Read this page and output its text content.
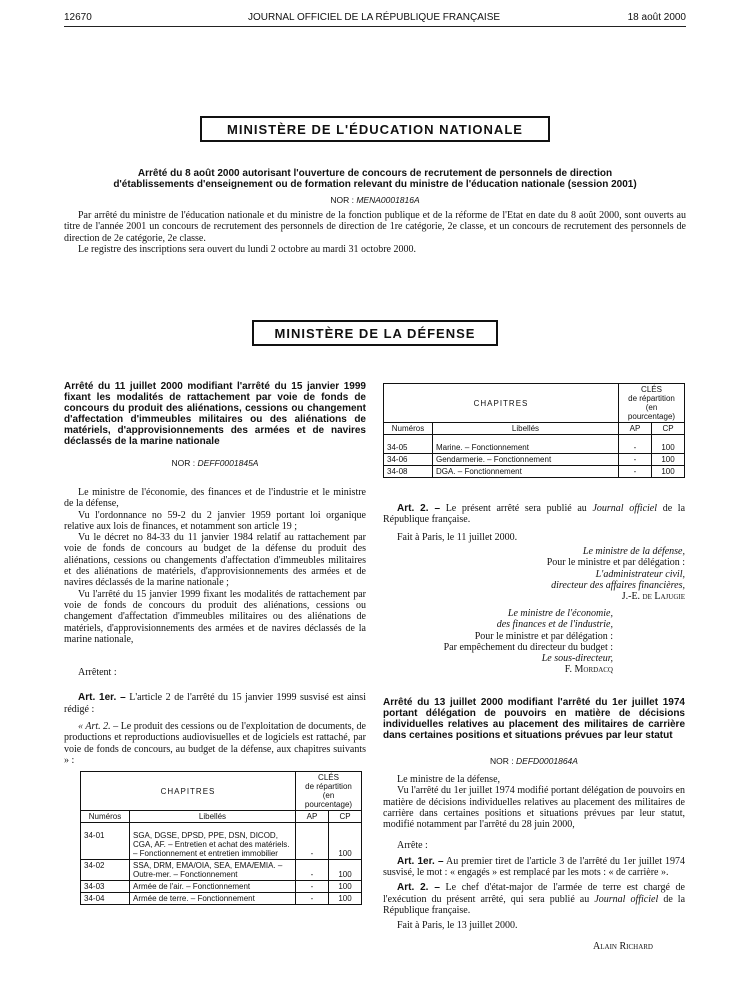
12670	JOURNAL OFFICIEL DE LA RÉPUBLIQUE FRANÇAISE	18 août 2000
MINISTÈRE DE L'ÉDUCATION NATIONALE
Arrêté du 8 août 2000 autorisant l'ouverture de concours de recrutement de personnels de direction
d'établissements d'enseignement ou de formation relevant du ministre de l'éducation nationale (session 2001)
NOR : MENA0001816A

Par arrêté du ministre de l'éducation nationale et du ministre de la fonction publique et de la réforme de l'Etat en date du 8 août 2000, sont ouverts au titre de l'année 2001 un concours de recrutement des personnels de direction de 1re catégorie, 2e classe, et un concours de recrutement des personnels de direction de 2e catégorie, 2e classe.

Le registre des inscriptions sera ouvert du lundi 2 octobre au mardi 31 octobre 2000.

MINISTÈRE DE LA DÉFENSE
Arrêté du 11 juillet 2000 modifiant l'arrêté du 15 janvier 1999 fixant les modalités de rattachement par voie de fonds de concours du produit des aliénations, cessions ou changement d'affectation d'immeubles militaires ou des aliénations de matériels, d'approvisionnements des armées et de navires déclassés de la marine nationale
NOR : DEFF0001845A

Le ministre de l'économie, des finances et de l'industrie et le ministre de la défense,

Vu l'ordonnance no 59-2 du 2 janvier 1959 portant loi organique relative aux lois de finances, et notamment son article 19 ;

Vu le décret no 84-33 du 11 janvier 1984 relatif au rattachement par voie de fonds de concours au budget de la défense du produit des aliénations, cessions ou changements d'affectation d'immeubles militaires et des aliénations de matériels, d'approvisionnements des armées et de navires déclassés de la marine nationale ;

Vu l'arrêté du 15 janvier 1999 fixant les modalités de rattachement par voie de fonds de concours du produit des aliénations, cessions ou changement d'affectation d'immeubles militaires ou des aliénations de matériels, d'approvisionnements des armées et de navires déclassés de la marine nationale,

Arrêtent :

Art. 1er. – L'article 2 de l'arrêté du 15 janvier 1999 susvisé est ainsi rédigé :

« Art. 2. – Le produit des cessions ou de l'exploitation de documents, de productions et reproductions audiovisuelles et de logiciels est rattaché, par voie de fonds de concours, au budget de la défense, aux chapitres suivants » :

CHAPITRES		CLÉS
de répartition
(en pourcentage)	

Numéros	Libellés	AP	CP
34-01	SGA, DGSE, DPSD, PPE, DSN, DICOD, CGA, AF. – Entretien et achat des matériels. – Fonctionnement et entretien immobilier	-	100
34-02	SSA, DRM, EMA/OIA, SEA, EMA/EMIA. – Outre-mer. – Fonctionnement	-	100
34-03	Armée de l'air. – Fonctionnement	-	100
34-04	Armée de terre. – Fonctionnement	-	100
CHAPITRES		CLÉS
de répartition
(en pourcentage)	

Numéros	Libellés	AP	CP
34-05	Marine. – Fonctionnement	-	100
34-06	Gendarmerie. – Fonctionnement	-	100
34-08	DGA. – Fonctionnement	-	100

Art. 2. – Le présent arrêté sera publié au Journal officiel de la République française.

Fait à Paris, le 11 juillet 2000.

Le ministre de la défense,
Pour le ministre et par délégation :
L'administrateur civil,
directeur des affaires financières,
J.-E. de Lajugie
Le ministre de l'économie,
des finances et de l'industrie,
Pour le ministre et par délégation :
Par empêchement du directeur du budget :
Le sous-directeur,
F. Mordacq
Arrêté du 13 juillet 2000 modifiant l'arrêté du 1er juillet 1974 portant délégation de pouvoirs en matière de décisions individuelles relatives au placement des militaires de carrière dans certaines positions et situations prévues par leur statut
NOR : DEFD0001864A

Le ministre de la défense,

Vu l'arrêté du 1er juillet 1974 modifié portant délégation de pouvoirs en matière de décisions individuelles relatives au placement des militaires de carrière dans certaines positions et situations prévues par leur statut, modifié notamment par l'arrêté du 28 juin 2000,

Arrête :

Art. 1er. – Au premier tiret de l'article 3 de l'arrêté du 1er juillet 1974 susvisé, le mot : « engagés » est remplacé par les mots : « de carrière ».

Art. 2. – Le chef d'état-major de l'armée de terre est chargé de l'exécution du présent arrêté, qui sera publié au Journal officiel de la République française.

Fait à Paris, le 13 juillet 2000.

Alain Richard
